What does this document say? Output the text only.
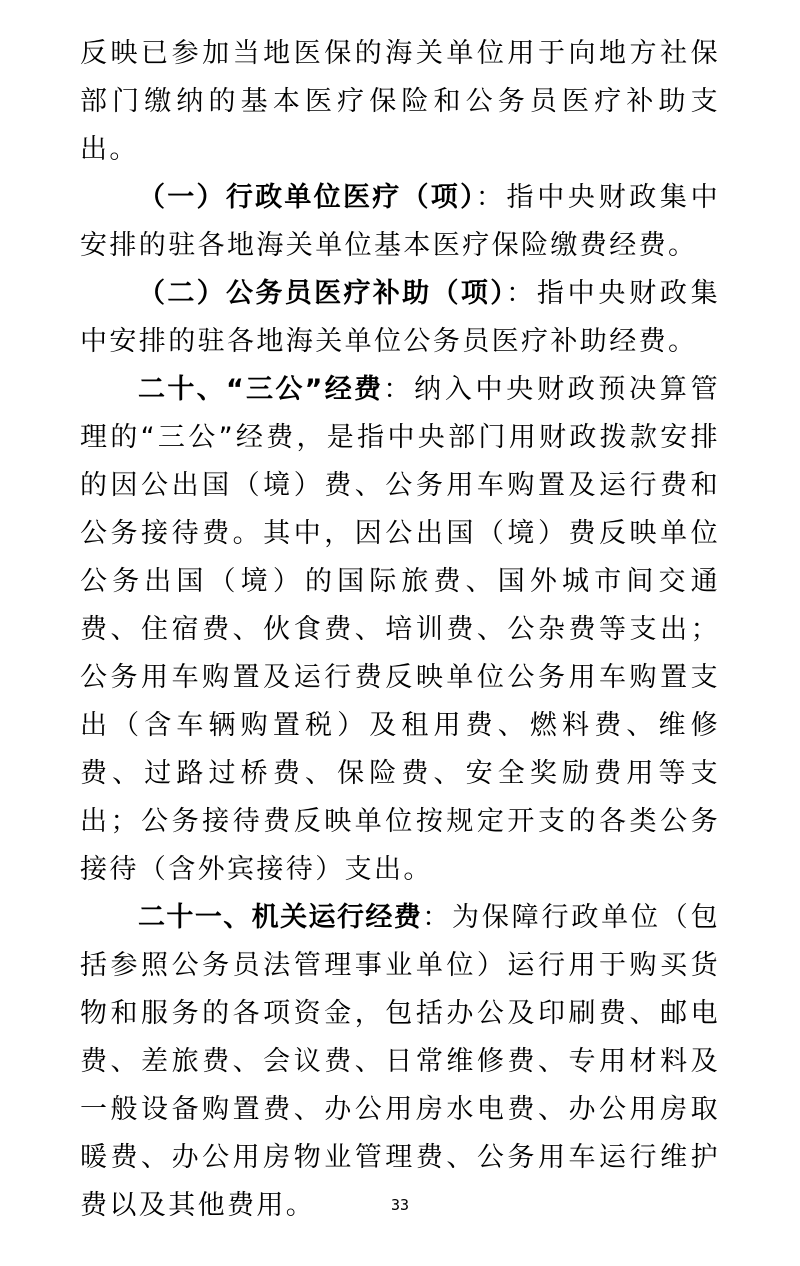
反映已参加当地医保的海关单位用于向地方社保部门缴纳的基本医疗保险和公务员医疗补助支出。

（一）行政单位医疗（项）：指中央财政集中安排的驻各地海关单位基本医疗保险缴费经费。

（二）公务员医疗补助（项）：指中央财政集中安排的驻各地海关单位公务员医疗补助经费。

二十、“三公”经费：纳入中央财政预决算管理的“三公”经费，是指中央部门用财政拨款安排的因公出国（境）费、公务用车购置及运行费和公务接待费。其中，因公出国（境）费反映单位公务出国（境）的国际旅费、国外城市间交通费、住宿费、伙食费、培训费、公杂费等支出；公务用车购置及运行费反映单位公务用车购置支出（含车辆购置税）及租用费、燃料费、维修费、过路过桥费、保险费、安全奖励费用等支出；公务接待费反映单位按规定开支的各类公务接待（含外宾接待）支出。

二十一、机关运行经费：为保障行政单位（包括参照公务员法管理事业单位）运行用于购买货物和服务的各项资金，包括办公及印刷费、邮电费、差旅费、会议费、日常维修费、专用材料及一般设备购置费、办公用房水电费、办公用房取暖费、办公用房物业管理费、公务用车运行维护费以及其他费用。	33
